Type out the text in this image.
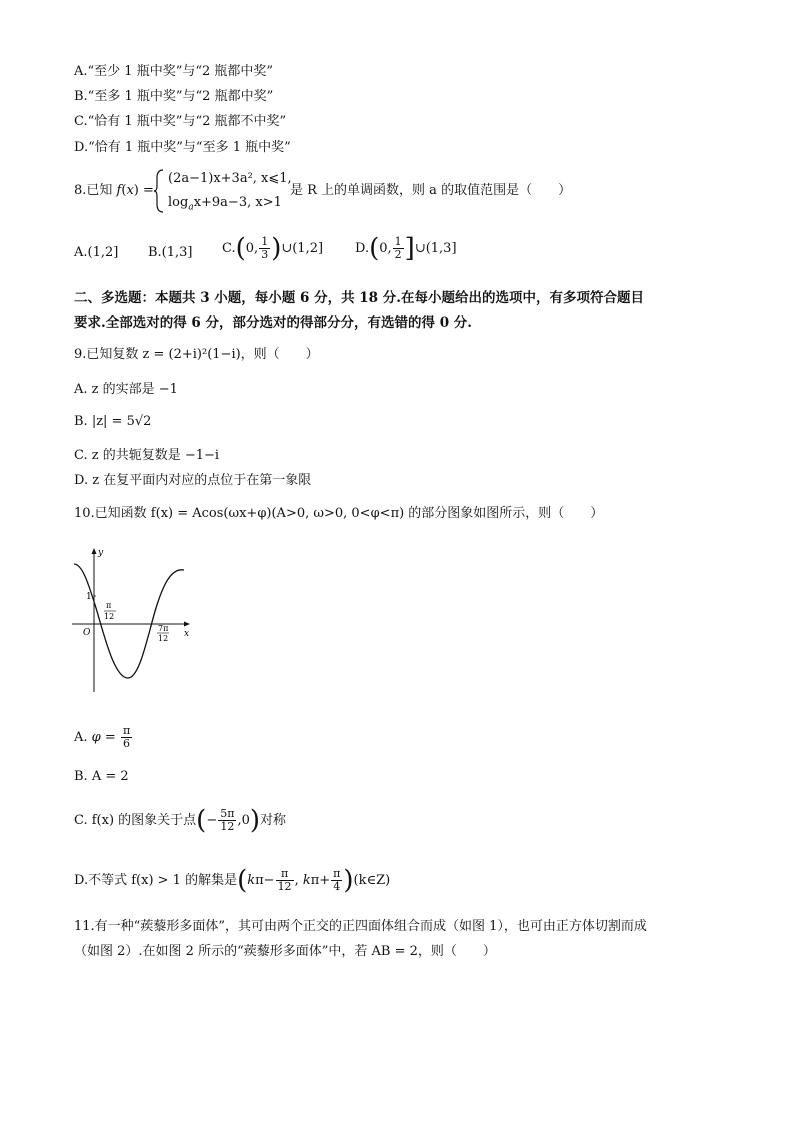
A.“至少 1 瓶中奖”与“2 瓶都中奖”
B.“至多 1 瓶中奖”与“2 瓶都中奖”
C.“恰有 1 瓶中奖”与“2 瓶都不中奖”
D.“恰有 1 瓶中奖”与“至多 1 瓶中奖”
8.已知 f(x) =
(2a−1)x+3a², x⩽1,
$\log_ax+9a-3$, x>1
是 R 上的单调函数，则 a 的取值范围是（　　）
A.(1,2] B.(1,3] C.(0, $\frac{1}{3}$ )∪(1,2] D.(0, $\frac{1}{2}$ ]∪(1,3]
二、多选题：本题共 3 小题，每小题 6 分，共 18 分.在每小题给出的选项中，有多项符合题目
要求.全部选对的得 6 分，部分选对的得部分分，有选错的得 0 分.
9.已知复数 z = (2+i)²(1−i)，则（　　）
A. z 的实部是 −1
B. |z| = 5√2
C. z 的共轭复数是 −1−i
D. z 在复平面内对应的点位于在第一象限
10.已知函数 f(x) = Acos(ωx+φ)(A>0, ω>0, 0<φ<π) 的部分图象如图所示，则（　　）
y
x
O
1
π
12
7π
12
A. $\varphi = \frac{\pi}{6}$
B. A = 2
C. f(x) 的图象关于点(− $\frac{5\pi}{12} ,0$)对称
D.不等式 f(x) > 1 的解集是($k\pi- \frac{\pi}{12}$ , $k\pi+ \frac{\pi}{4}$ )(k∈Z)
11.有一种“蒺藜形多面体”，其可由两个正交的正四面体组合而成（如图 1），也可由正方体切割而成
（如图 2）.在如图 2 所示的“蒺藜形多面体”中，若 AB = 2，则（　　）
